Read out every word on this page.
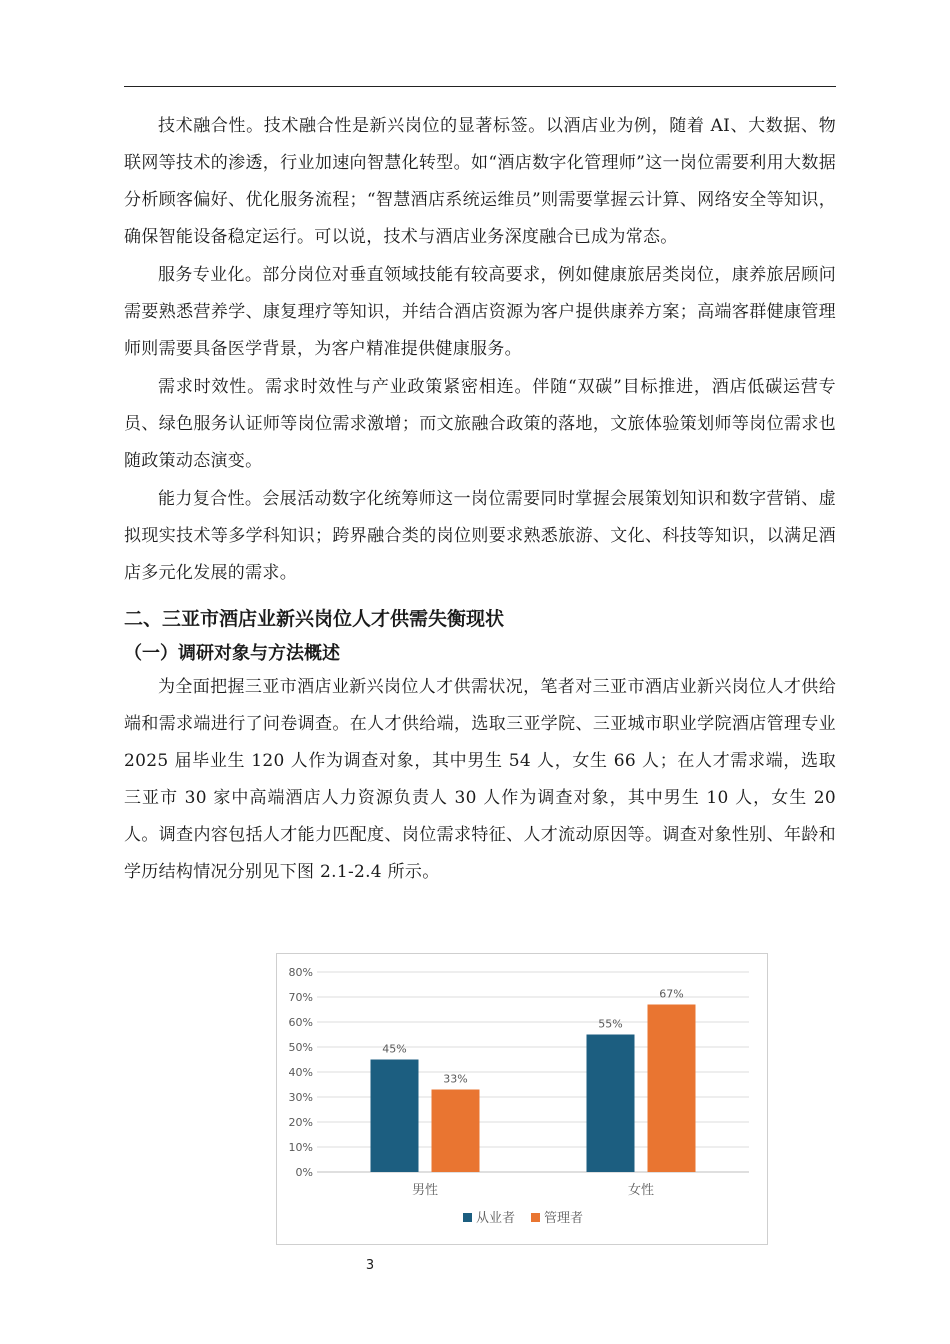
技术融合性。技术融合性是新兴岗位的显著标签。以酒店业为例，随着 AI、大数据、物联网等技术的渗透，行业加速向智慧化转型。如“酒店数字化管理师”这一岗位需要利用大数据分析顾客偏好、优化服务流程；“智慧酒店系统运维员”则需要掌握云计算、网络安全等知识，确保智能设备稳定运行。可以说，技术与酒店业务深度融合已成为常态。

服务专业化。部分岗位对垂直领域技能有较高要求，例如健康旅居类岗位，康养旅居顾问需要熟悉营养学、康复理疗等知识，并结合酒店资源为客户提供康养方案；高端客群健康管理师则需要具备医学背景，为客户精准提供健康服务。

需求时效性。需求时效性与产业政策紧密相连。伴随“双碳”目标推进，酒店低碳运营专员、绿色服务认证师等岗位需求激增；而文旅融合政策的落地，文旅体验策划师等岗位需求也随政策动态演变。

能力复合性。会展活动数字化统筹师这一岗位需要同时掌握会展策划知识和数字营销、虚拟现实技术等多学科知识；跨界融合类的岗位则要求熟悉旅游、文化、科技等知识，以满足酒店多元化发展的需求。

二、三亚市酒店业新兴岗位人才供需失衡现状
（一）调研对象与方法概述

为全面把握三亚市酒店业新兴岗位人才供需状况，笔者对三亚市酒店业新兴岗位人才供给端和需求端进行了问卷调查。在人才供给端，选取三亚学院、三亚城市职业学院酒店管理专业 2025 届毕业生 120 人作为调查对象，其中男生 54 人，女生 66 人；在人才需求端，选取三亚市 30 家中高端酒店人力资源负责人 30 人作为调查对象，其中男生 10 人，女生 20 人。调查内容包括人才能力匹配度、岗位需求特征、人才流动原因等。调查对象性别、年龄和学历结构情况分别见下图 2.1-2.4 所示。

0%
10%
20%
30%
40%
50%
60%
70%
80%
45%
33%
男性
55%
67%
女性
从业者 管理者
3
